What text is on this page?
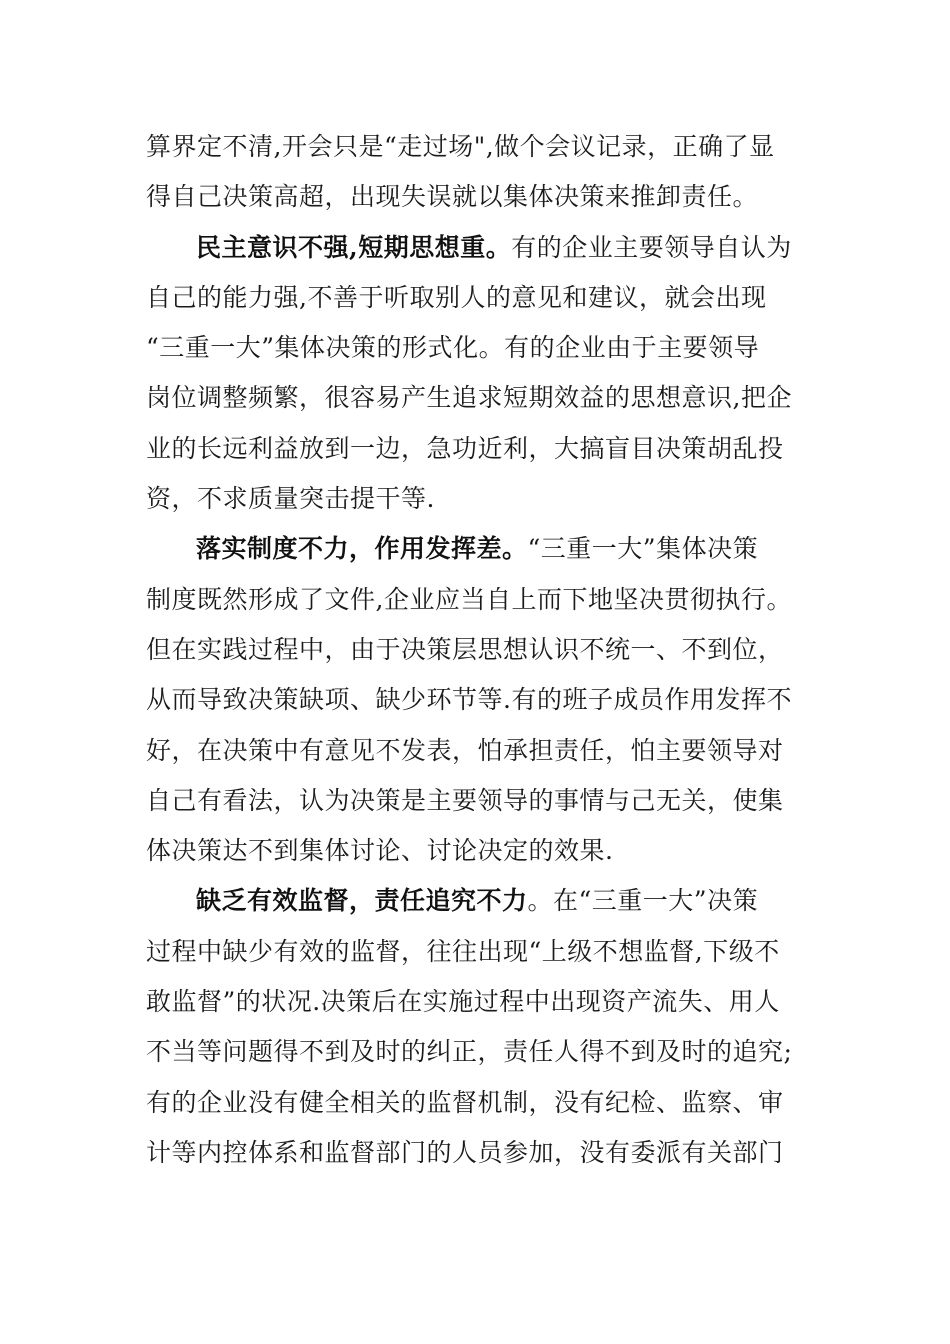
算界定不清,开会只是“走过场",做个会议记录，正确了显
得自己决策高超，出现失误就以集体决策来推卸责任。
民主意识不强,短期思想重。有的企业主要领导自认为
自己的能力强,不善于听取别人的意见和建议，就会出现
“三重一大”集体决策的形式化。有的企业由于主要领导
岗位调整频繁，很容易产生追求短期效益的思想意识,把企
业的长远利益放到一边，急功近利，大搞盲目决策胡乱投
资，不求质量突击提干等.
落实制度不力，作用发挥差。“三重一大”集体决策
制度既然形成了文件,企业应当自上而下地坚决贯彻执行。
但在实践过程中，由于决策层思想认识不统一、不到位，
从而导致决策缺项、缺少环节等.有的班子成员作用发挥不
好，在决策中有意见不发表，怕承担责任，怕主要领导对
自己有看法，认为决策是主要领导的事情与己无关，使集
体决策达不到集体讨论、讨论决定的效果.
缺乏有效监督，责任追究不力。在“三重一大”决策
过程中缺少有效的监督，往往出现“上级不想监督,下级不
敢监督”的状况.决策后在实施过程中出现资产流失、用人
不当等问题得不到及时的纠正，责任人得不到及时的追究;
有的企业没有健全相关的监督机制，没有纪检、监察、审
计等内控体系和监督部门的人员参加，没有委派有关部门
